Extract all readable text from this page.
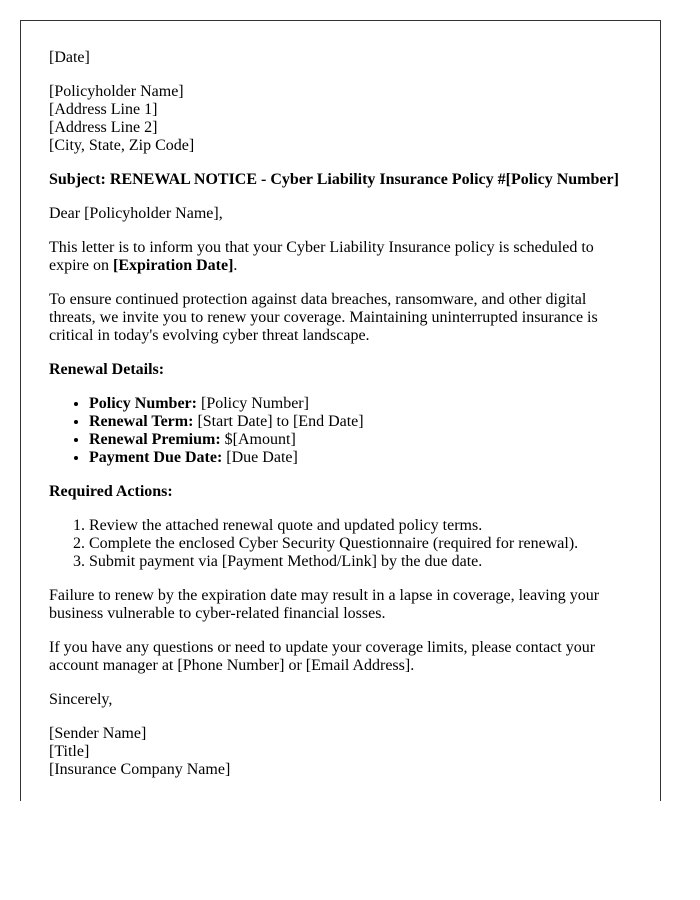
[Date]

[Policyholder Name]
[Address Line 1]
[Address Line 2]
[City, State, Zip Code]

Subject: RENEWAL NOTICE - Cyber Liability Insurance Policy #[Policy Number]

Dear [Policyholder Name],

This letter is to inform you that your Cyber Liability Insurance policy is scheduled to expire on [Expiration Date].

To ensure continued protection against data breaches, ransomware, and other digital threats, we invite you to renew your coverage. Maintaining uninterrupted insurance is critical in today's evolving cyber threat landscape.

Renewal Details:

• Policy Number: [Policy Number]
• Renewal Term: [Start Date] to [End Date]
• Renewal Premium: $[Amount]
• Payment Due Date: [Due Date]

Required Actions:

1. Review the attached renewal quote and updated policy terms.
2. Complete the enclosed Cyber Security Questionnaire (required for renewal).
3. Submit payment via [Payment Method/Link] by the due date.

Failure to renew by the expiration date may result in a lapse in coverage, leaving your business vulnerable to cyber-related financial losses.

If you have any questions or need to update your coverage limits, please contact your account manager at [Phone Number] or [Email Address].

Sincerely,

[Sender Name]
[Title]
[Insurance Company Name]
